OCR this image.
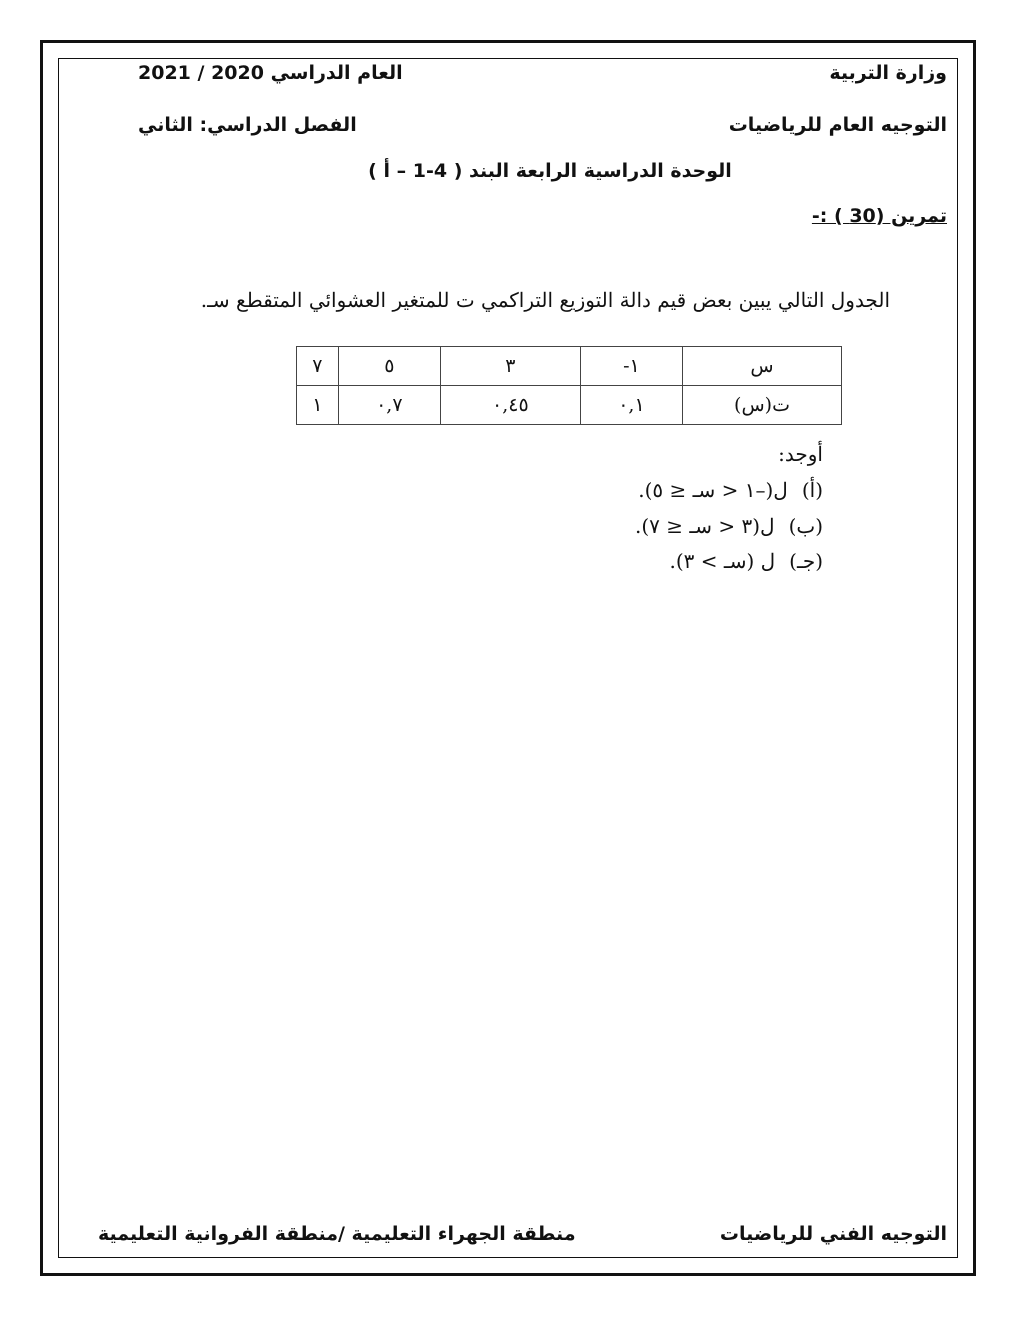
وزارة التربية
العام الدراسي 2020 / 2021
التوجيه العام للرياضيات
الفصل الدراسي: الثاني
الوحدة الدراسية الرابعة البند ( 4-1 – أ )
تمرين (30 ) :-
الجدول التالي يبين بعض قيم دالة التوزيع التراكمي ت للمتغير العشوائي المتقطع سـ.
س	١-	٣	٥	٧
ت(س)	٠,١	٠,٤٥	٠,٧	١
أوجد:
(أ)ل(–١ < سـ ≤ ٥).
(ب)ل(٣ < سـ ≤ ٧).
(جـ)ل (سـ > ٣).
التوجيه الفني للرياضيات
منطقة الجهراء التعليمية /منطقة الفروانية التعليمية
